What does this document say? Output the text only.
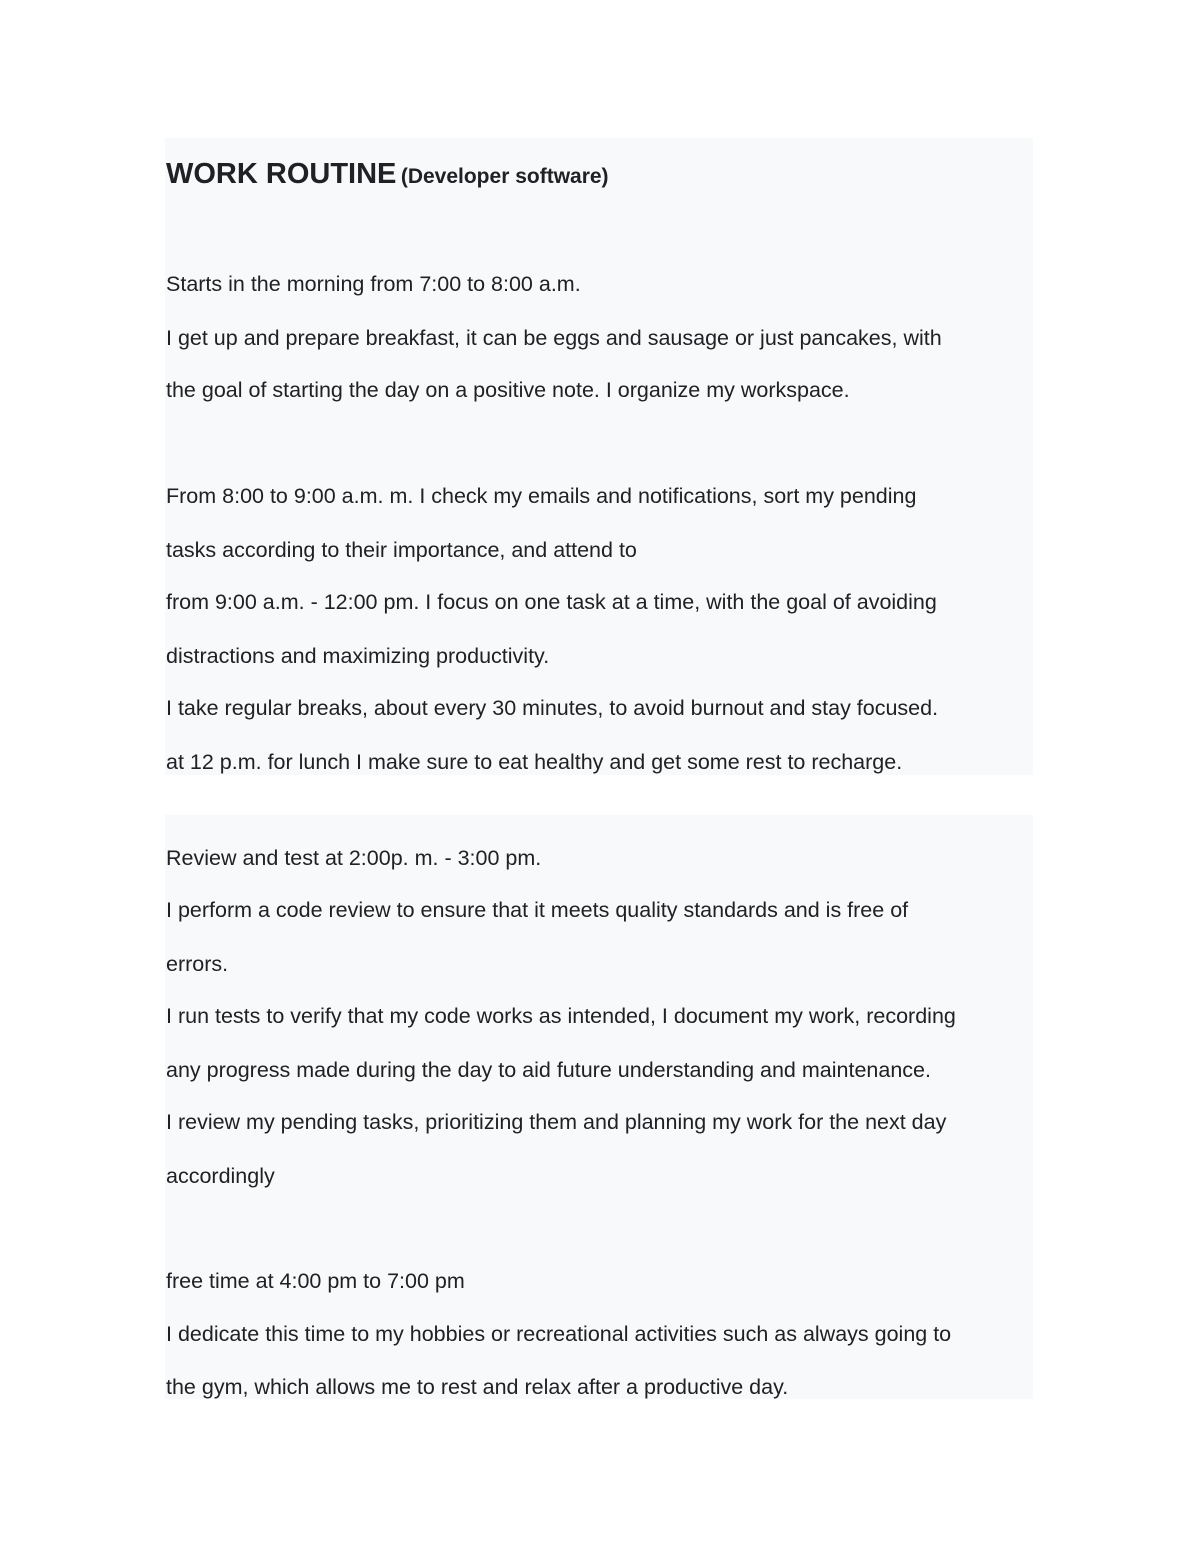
WORK ROUTINE (Developer software)
Starts in the morning from 7:00 to 8:00 a.m.
I get up and prepare breakfast, it can be eggs and sausage or just pancakes, with
the goal of starting the day on a positive note. I organize my workspace.
From 8:00 to 9:00 a.m. m. I check my emails and notifications, sort my pending
tasks according to their importance, and attend to
from 9:00 a.m. - 12:00 pm. I focus on one task at a time, with the goal of avoiding
distractions and maximizing productivity.
I take regular breaks, about every 30 minutes, to avoid burnout and stay focused.
at 12 p.m. for lunch I make sure to eat healthy and get some rest to recharge.
Review and test at 2:00p. m. - 3:00 pm.
I perform a code review to ensure that it meets quality standards and is free of
errors.
I run tests to verify that my code works as intended, I document my work, recording
any progress made during the day to aid future understanding and maintenance.
I review my pending tasks, prioritizing them and planning my work for the next day
accordingly
free time at 4:00 pm to 7:00 pm
I dedicate this time to my hobbies or recreational activities such as always going to
the gym, which allows me to rest and relax after a productive day.
